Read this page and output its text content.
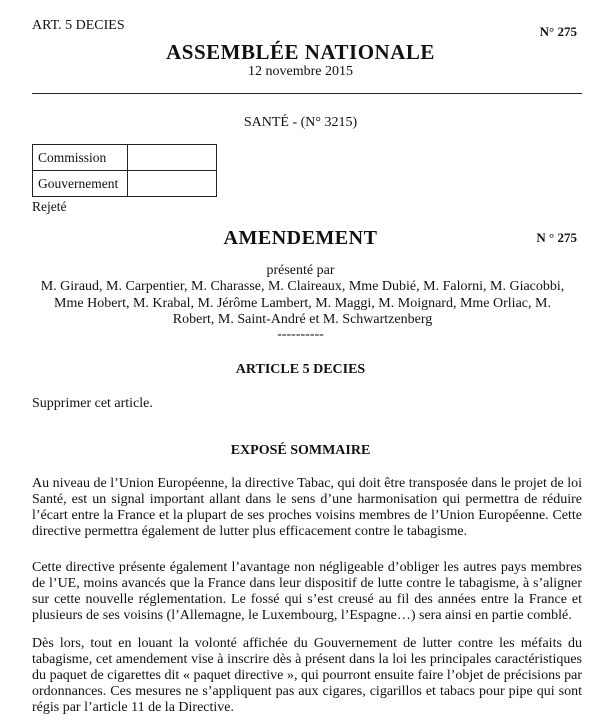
ART. 5 DECIES	N° 275
ASSEMBLÉE NATIONALE
12 novembre 2015
SANTÉ - (N° 3215)
Commission	
Gouvernement	
Rejeté
AMENDEMENT	N ° 275
présenté par
M. Giraud, M. Carpentier, M. Charasse, M. Claireaux, Mme Dubié, M. Falorni, M. Giacobbi, Mme Hobert, M. Krabal, M. Jérôme Lambert, M. Maggi, M. Moignard, Mme Orliac, M. Robert, M. Saint-André et M. Schwartzenberg
----------
ARTICLE 5 DECIES
Supprimer cet article.
EXPOSÉ SOMMAIRE
Au niveau de l’Union Européenne, la directive Tabac, qui doit être transposée dans le projet de loi Santé, est un signal important allant dans le sens d’une harmonisation qui permettra de réduire l’écart entre la France et la plupart de ses proches voisins membres de l’Union Européenne. Cette directive permettra également de lutter plus efficacement contre le tabagisme.
Cette directive présente également l’avantage non négligeable d’obliger les autres pays membres de l’UE, moins avancés que la France dans leur dispositif de lutte contre le tabagisme, à s’aligner sur cette nouvelle réglementation. Le fossé qui s’est creusé au fil des années entre la France et plusieurs de ses voisins (l’Allemagne, le Luxembourg, l’Espagne…) sera ainsi en partie comblé.
Dès lors, tout en louant la volonté affichée du Gouvernement de lutter contre les méfaits du tabagisme, cet amendement vise à inscrire dès à présent dans la loi les principales caractéristiques du paquet de cigarettes dit « paquet directive », qui pourront ensuite faire l’objet de précisions par ordonnances. Ces mesures ne s’appliquent pas aux cigares, cigarillos et tabacs pour pipe qui sont régis par l’article 11 de la Directive.
